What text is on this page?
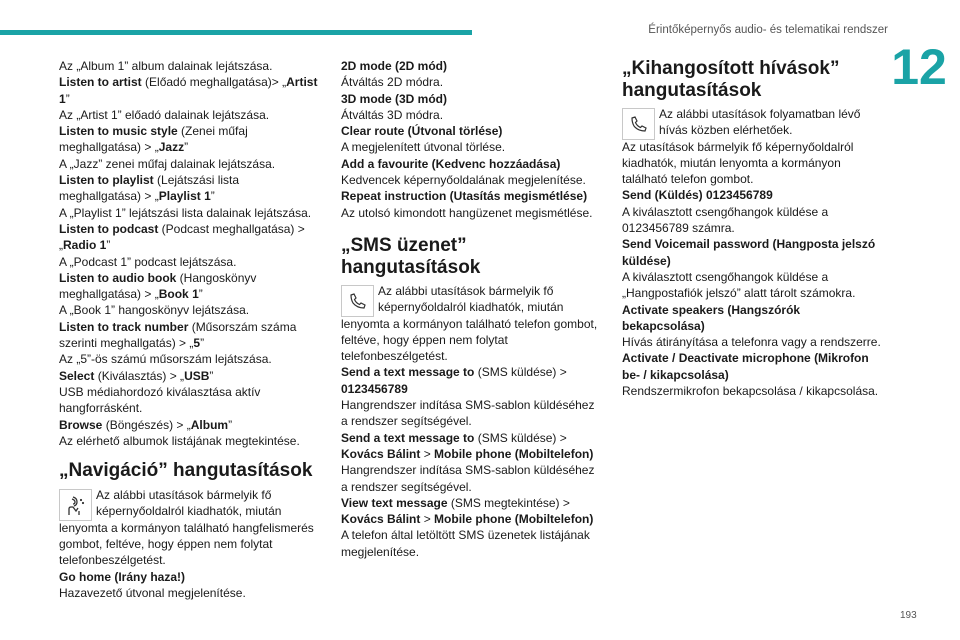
Érintőképernyős audio- és telematikai rendszer
12
Az „Album 1” album dalainak lejátszása.
Listen to artist (Előadó meghallgatása)> „Artist
1”
Az „Artist 1” előadó dalainak lejátszása.
Listen to music style (Zenei műfaj
meghallgatása) > „Jazz”
A „Jazz” zenei műfaj dalainak lejátszása.
Listen to playlist (Lejátszási lista
meghallgatása) > „Playlist 1”
A „Playlist 1” lejátszási lista dalainak lejátszása.
Listen to podcast (Podcast meghallgatása) >
„Radio 1”
A „Podcast 1” podcast lejátszása.
Listen to audio book (Hangoskönyv
meghallgatása) > „Book 1”
A „Book 1” hangoskönyv lejátszása.
Listen to track number (Műsorszám száma
szerinti meghallgatás) > „5”
Az „5”-ös számú műsorszám lejátszása.
Select (Kiválasztás) > „USB”
USB médiahordozó kiválasztása aktív
hangforrásként.
Browse (Böngészés) > „Album”
Az elérhető albumok listájának megtekintése.
„Navigáció” hangutasítások
Az alábbi utasítások bármelyik fő
képernyőoldalról kiadhatók, miután
lenyomta a kormányon található hangfelismerés
gombot, feltéve, hogy éppen nem folytat
telefonbeszélgetést.
Go home (Irány haza!)
Hazavezető útvonal megjelenítése.
2D mode (2D mód)
Átváltás 2D módra.
3D mode (3D mód)
Átváltás 3D módra.
Clear route (Útvonal törlése)
A megjelenített útvonal törlése.
Add a favourite (Kedvenc hozzáadása)
Kedvencek képernyőoldalának megjelenítése.
Repeat instruction (Utasítás megismétlése)
Az utolsó kimondott hangüzenet megismétlése.
„SMS üzenet”
hangutasítások
Az alábbi utasítások bármelyik fő
képernyőoldalról kiadhatók, miután
lenyomta a kormányon található telefon gombot,
feltéve, hogy éppen nem folytat
telefonbeszélgetést.
Send a text message to (SMS küldése) >
0123456789
Hangrendszer indítása SMS-sablon küldéséhez
a rendszer segítségével.
Send a text message to (SMS küldése) >
Kovács Bálint > Mobile phone (Mobiltelefon)
Hangrendszer indítása SMS-sablon küldéséhez
a rendszer segítségével.
View text message (SMS megtekintése) >
Kovács Bálint > Mobile phone (Mobiltelefon)
A telefon által letöltött SMS üzenetek listájának
megjelenítése.
„Kihangosított hívások”
hangutasítások
Az alábbi utasítások folyamatban lévő
hívás közben elérhetőek.
Az utasítások bármelyik fő képernyőoldalról
kiadhatók, miután lenyomta a kormányon
található telefon gombot.
Send (Küldés) 0123456789
A kiválasztott csengőhangok küldése a
0123456789 számra.
Send Voicemail password (Hangposta jelszó
küldése)
A kiválasztott csengőhangok küldése a
„Hangpostafiók jelszó” alatt tárolt számokra.
Activate speakers (Hangszórók
bekapcsolása)
Hívás átirányítása a telefonra vagy a rendszerre.
Activate / Deactivate microphone (Mikrofon
be- / kikapcsolása)
Rendszermikrofon bekapcsolása / kikapcsolása.
193
